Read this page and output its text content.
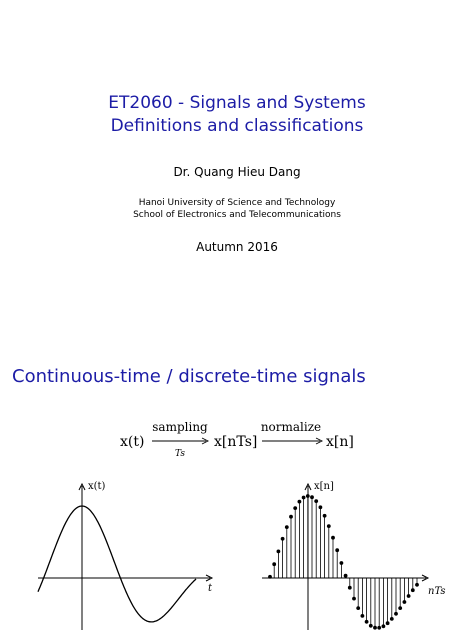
ET2060 - Signals and Systems
Definitions and classifications
Dr. Quang Hieu Dang
Hanoi University of Science and Technology
School of Electronics and Telecommunications
Autumn 2016
Continuous-time / discrete-time signals
x(t)
sampling
Ts
x[nTs]
normalize
x[n]
x(t)
t
x[n]
nTs
